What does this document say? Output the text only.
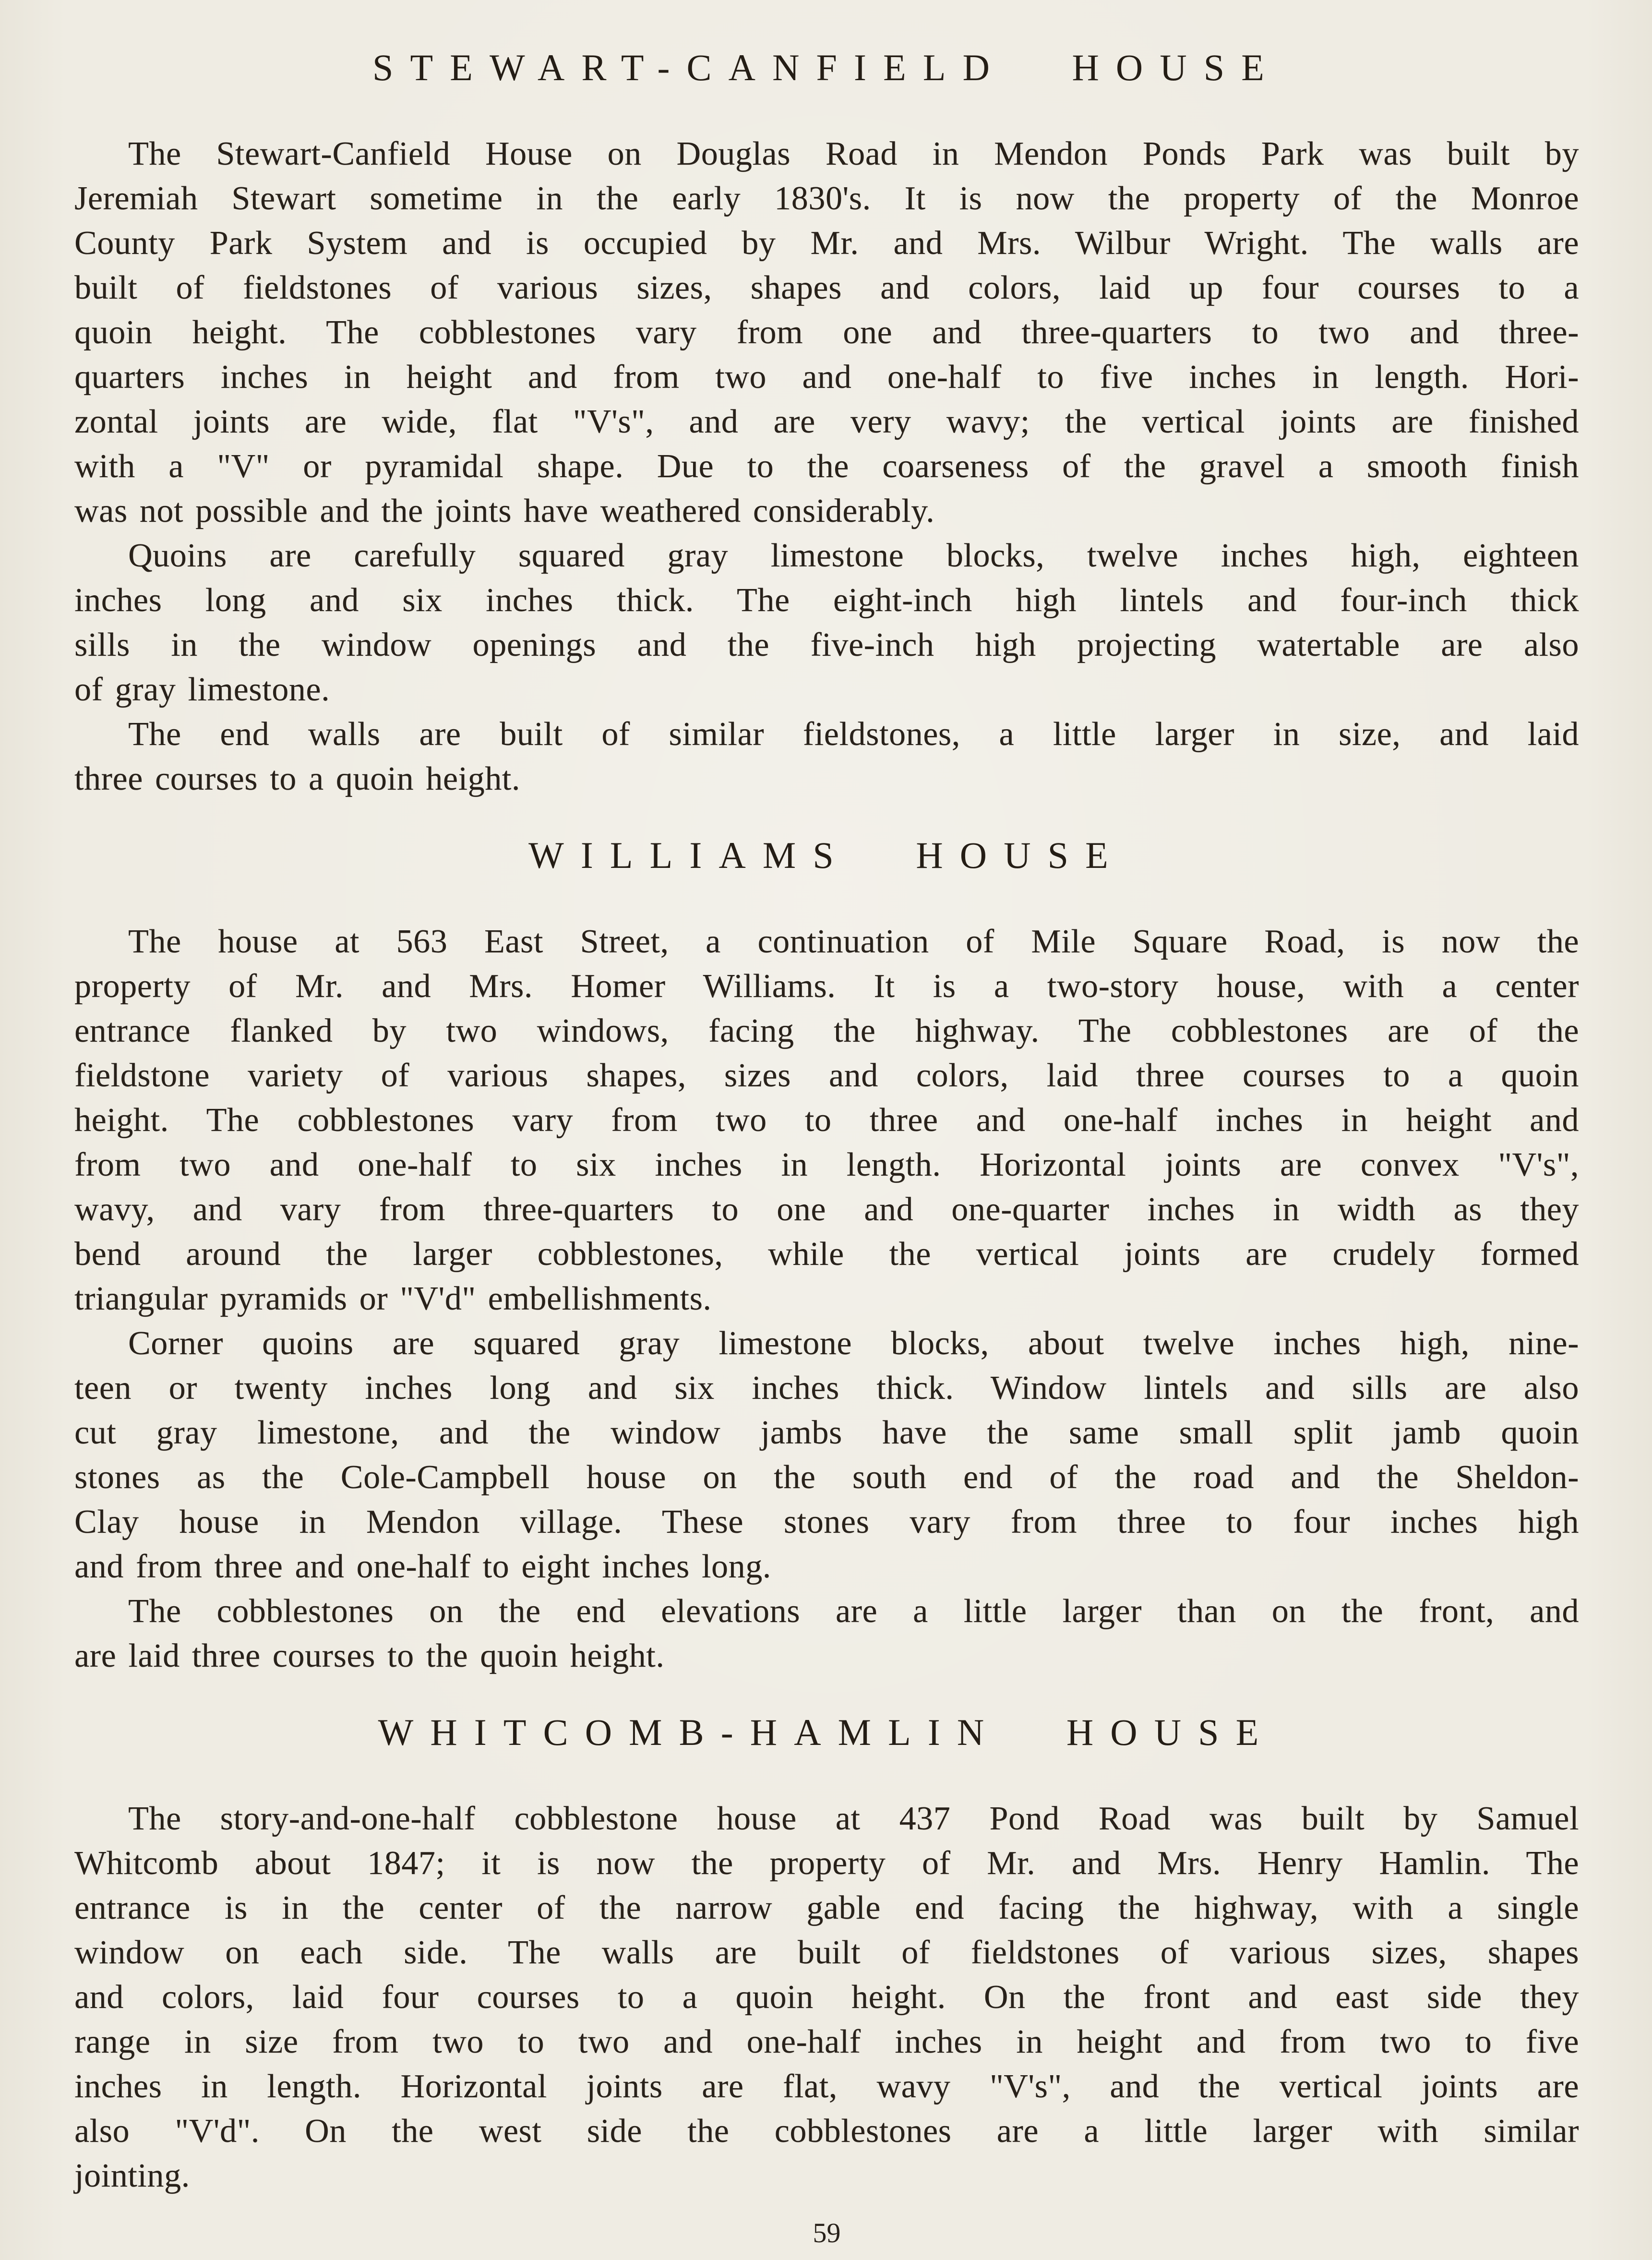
STEWART-CANFIELD HOUSE
The Stewart-Canfield House on Douglas Road in Mendon Ponds Park was built by
Jeremiah Stewart sometime in the early 1830's. It is now the property of the Monroe
County Park System and is occupied by Mr. and Mrs. Wilbur Wright. The walls are
built of fieldstones of various sizes, shapes and colors, laid up four courses to a
quoin height. The cobblestones vary from one and three-quarters to two and three-
quarters inches in height and from two and one-half to five inches in length. Hori-
zontal joints are wide, flat "V's", and are very wavy; the vertical joints are finished
with a "V" or pyramidal shape. Due to the coarseness of the gravel a smooth finish
was not possible and the joints have weathered considerably.
Quoins are carefully squared gray limestone blocks, twelve inches high, eighteen
inches long and six inches thick. The eight-inch high lintels and four-inch thick
sills in the window openings and the five-inch high projecting watertable are also
of gray limestone.
The end walls are built of similar fieldstones, a little larger in size, and laid
three courses to a quoin height.
WILLIAMS HOUSE
The house at 563 East Street, a continuation of Mile Square Road, is now the
property of Mr. and Mrs. Homer Williams. It is a two-story house, with a center
entrance flanked by two windows, facing the highway. The cobblestones are of the
fieldstone variety of various shapes, sizes and colors, laid three courses to a quoin
height. The cobblestones vary from two to three and one-half inches in height and
from two and one-half to six inches in length. Horizontal joints are convex "V's",
wavy, and vary from three-quarters to one and one-quarter inches in width as they
bend around the larger cobblestones, while the vertical joints are crudely formed
triangular pyramids or "V'd" embellishments.
Corner quoins are squared gray limestone blocks, about twelve inches high, nine-
teen or twenty inches long and six inches thick. Window lintels and sills are also
cut gray limestone, and the window jambs have the same small split jamb quoin
stones as the Cole-Campbell house on the south end of the road and the Sheldon-
Clay house in Mendon village. These stones vary from three to four inches high
and from three and one-half to eight inches long.
The cobblestones on the end elevations are a little larger than on the front, and
are laid three courses to the quoin height.
WHITCOMB-HAMLIN HOUSE
The story-and-one-half cobblestone house at 437 Pond Road was built by Samuel
Whitcomb about 1847; it is now the property of Mr. and Mrs. Henry Hamlin. The
entrance is in the center of the narrow gable end facing the highway, with a single
window on each side. The walls are built of fieldstones of various sizes, shapes
and colors, laid four courses to a quoin height. On the front and east side they
range in size from two to two and one-half inches in height and from two to five
inches in length. Horizontal joints are flat, wavy "V's", and the vertical joints are
also "V'd". On the west side the cobblestones are a little larger with similar
jointing.
59
